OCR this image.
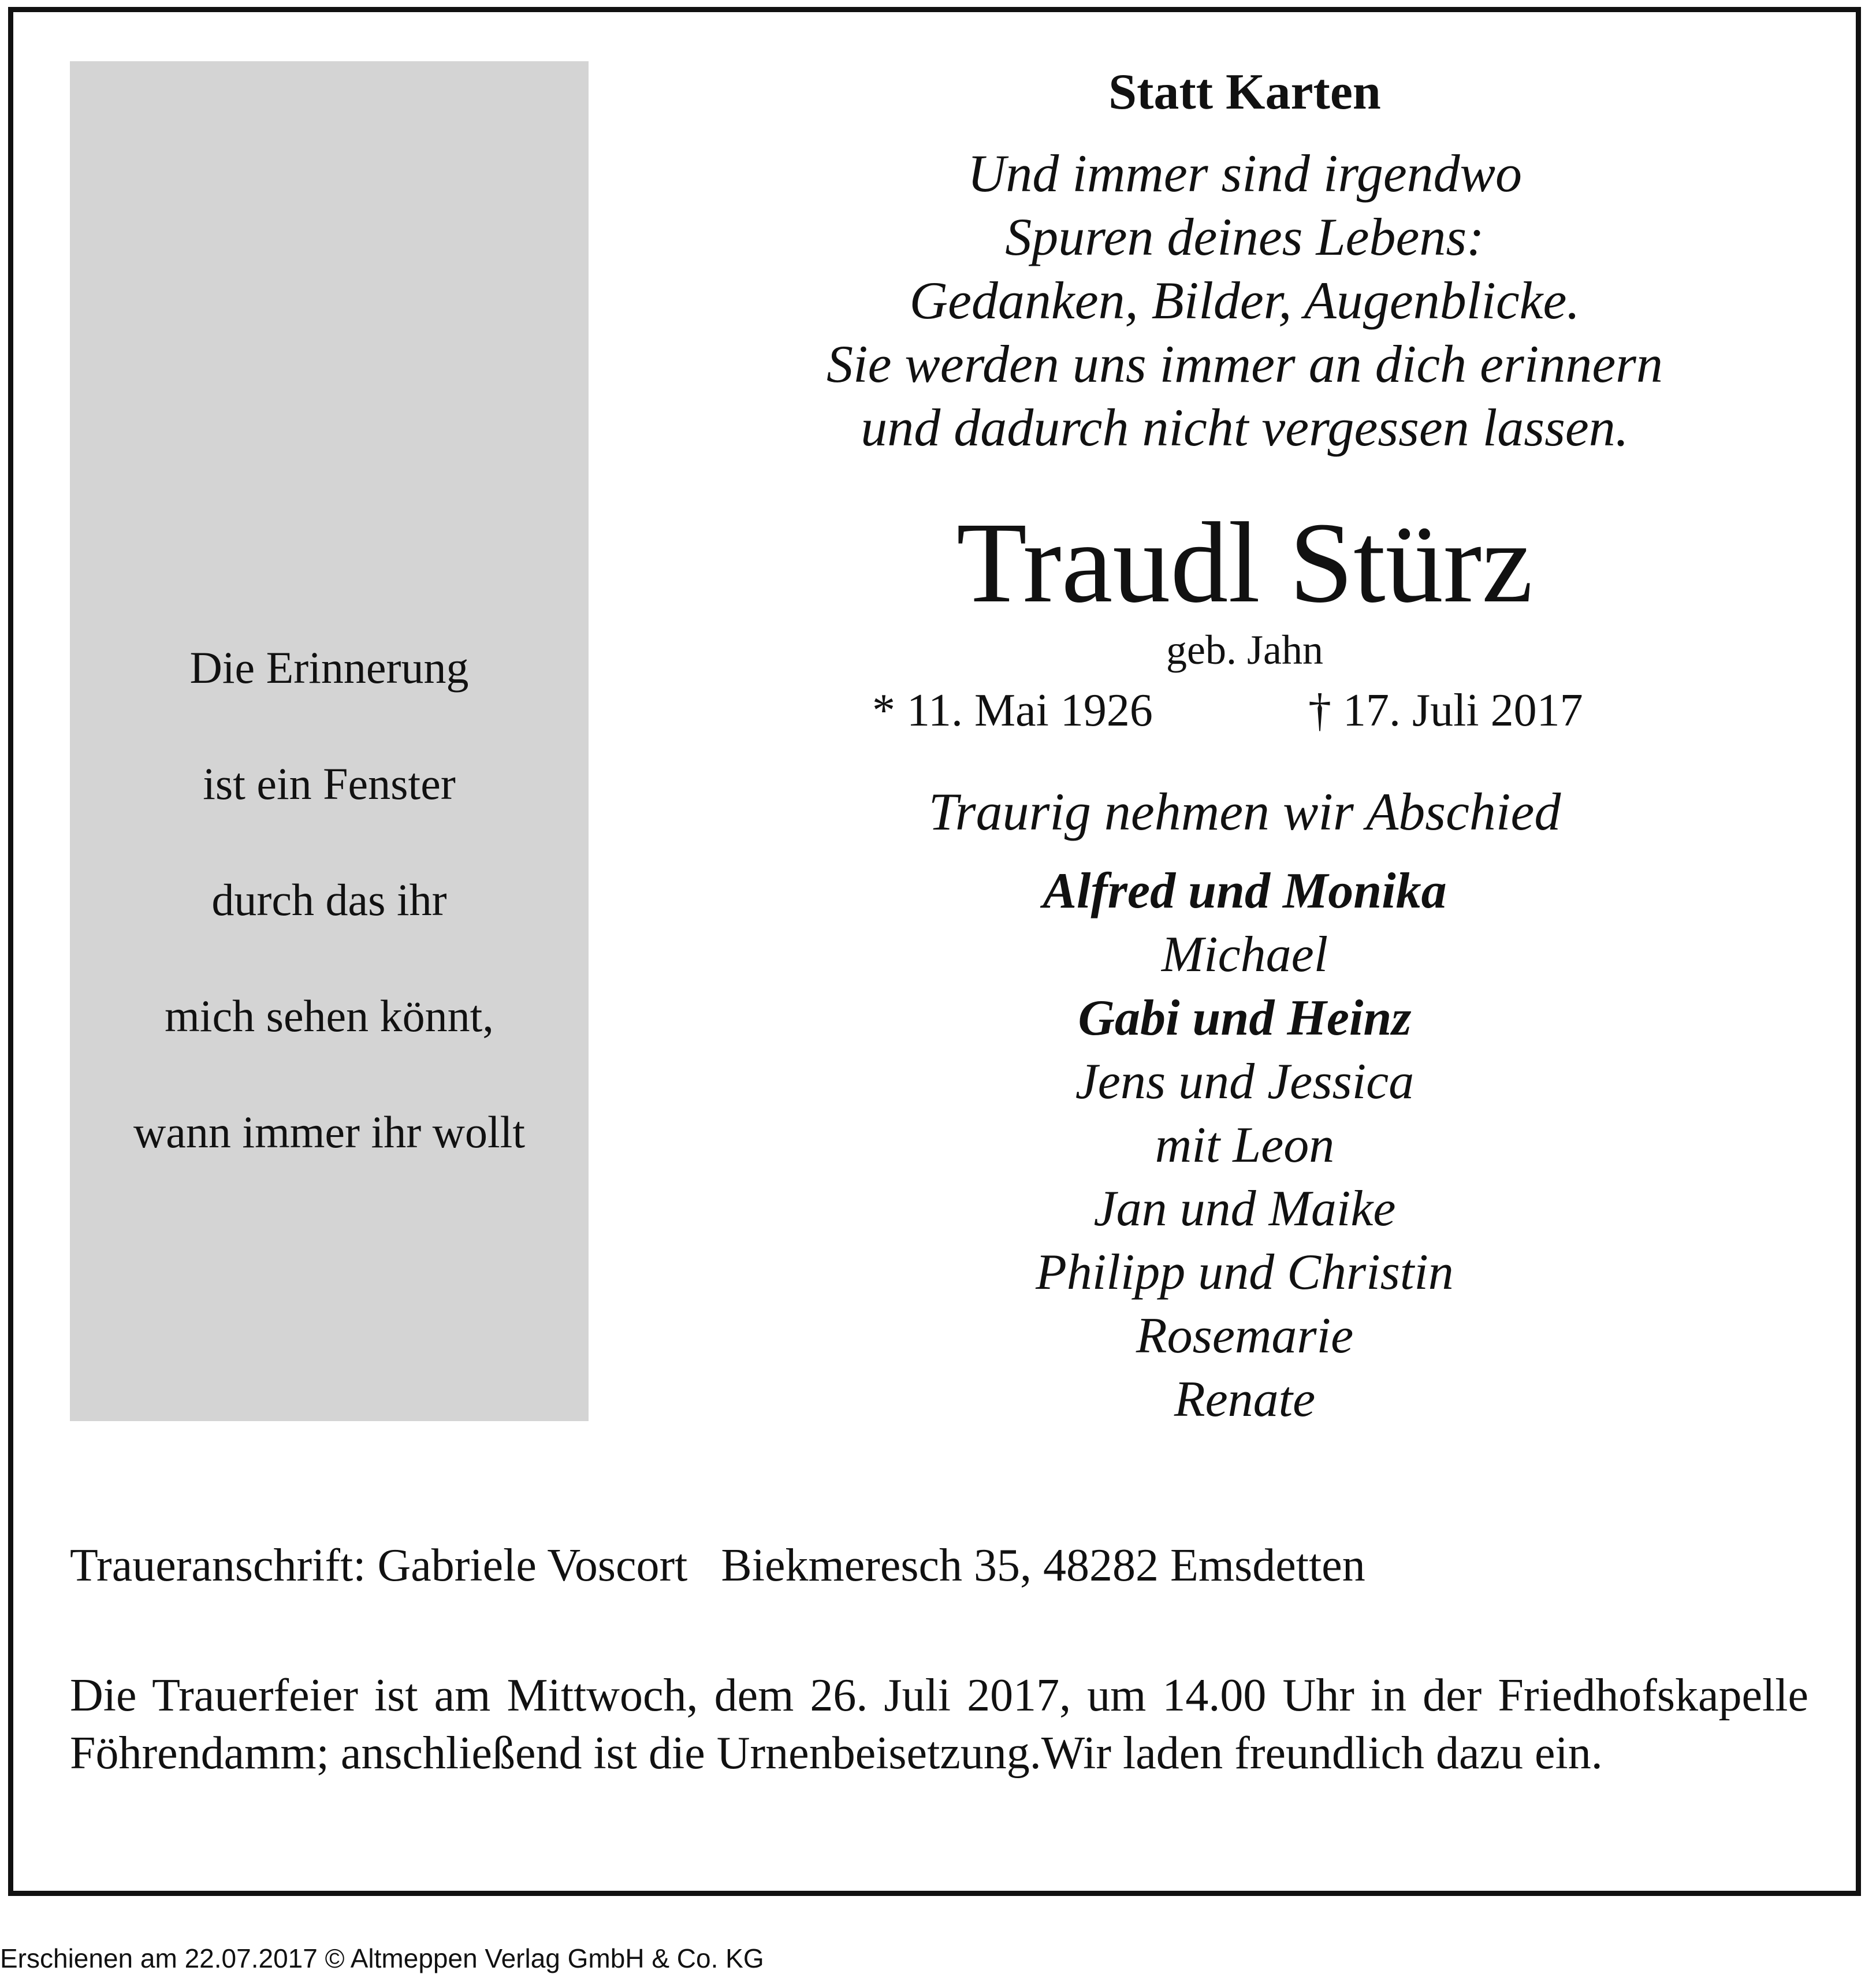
Die Erinnerung
ist ein Fenster
durch das ihr
mich sehen könnt,
wann immer ihr wollt
Statt Karten
Und immer sind irgendwo
Spuren deines Lebens:
Gedanken, Bilder, Augenblicke.
Sie werden uns immer an dich erinnern
und dadurch nicht vergessen lassen.
Traudl Stürz
geb. Jahn
* 11. Mai 1926	† 17. Juli 2017
Traurig nehmen wir Abschied
Alfred und Monika
Michael
Gabi und Heinz
Jens und Jessica
mit Leon
Jan und Maike
Philipp und Christin
Rosemarie
Renate
Traueranschrift: Gabriele Voscort Biekmeresch 35, 48282 Emsdetten
Die Trauerfeier ist am Mittwoch, dem 26. Juli 2017, um 14.00 Uhr in der Friedhofskapelle Föhrendamm; anschließend ist die Urnenbeisetzung.Wir laden freundlich dazu ein.
Erschienen am 22.07.2017 © Altmeppen Verlag GmbH & Co. KG
